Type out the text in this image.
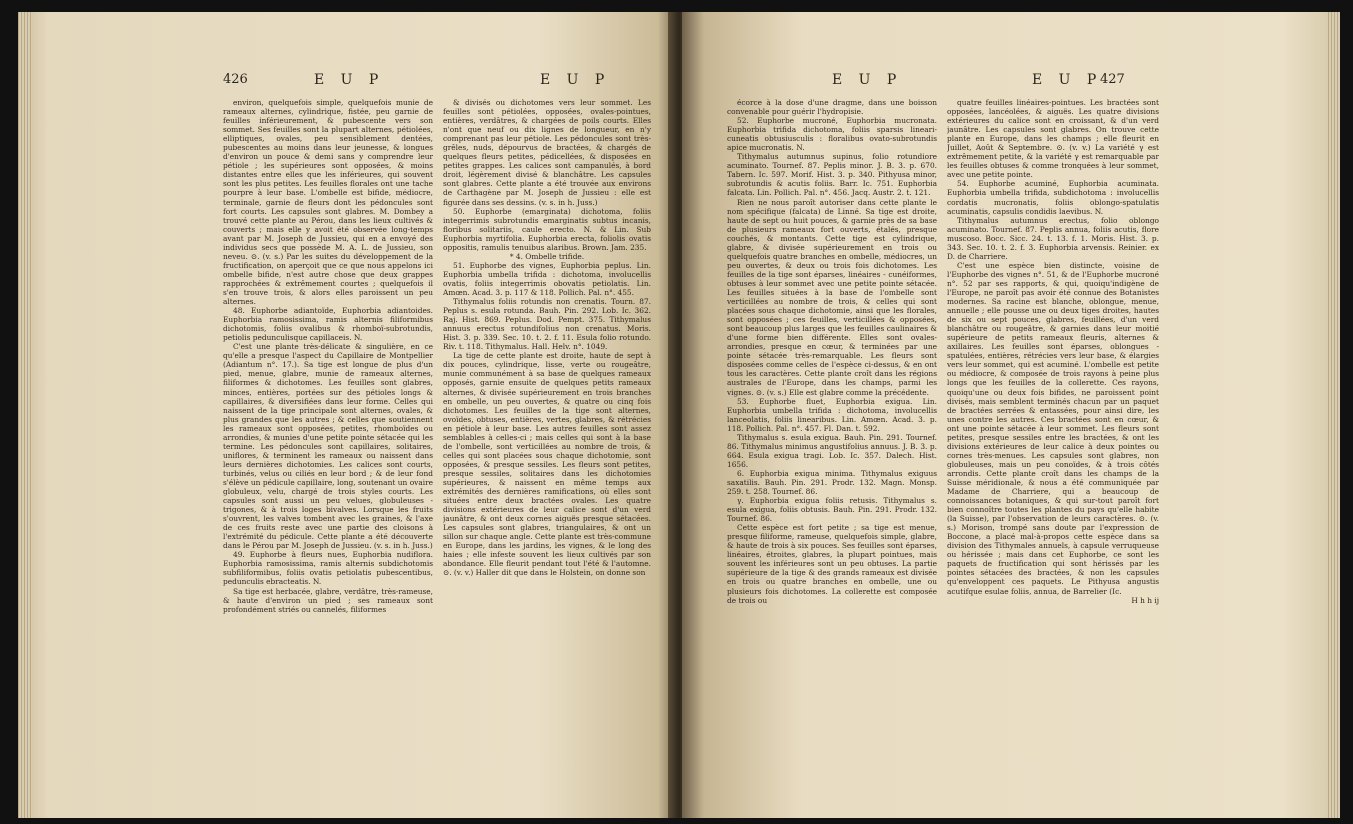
426	E U P	E U P

environ, quelquefois simple, quelquefois munie de rameaux alternes, cylindrique, fistée, peu garnie de feuilles inférieurement, & pubescente vers son sommet. Ses feuilles sont la plupart alternes, pétiolées, elliptiques, ovales, peu sensiblement dentées, pubescentes au moins dans leur jeunesse, & longues d'environ un pouce & demi sans y comprendre leur pétiole ; les supérieures sont opposées, & moins distantes entre elles que les inférieures, qui souvent sont les plus petites. Les feuilles florales ont une tache pourpre à leur base. L'ombelle est bifide, médiocre, terminale, garnie de fleurs dont les pédoncules sont fort courts. Les capsules sont glabres. M. Dombey a trouvé cette plante au Pérou, dans les lieux cultivés & couverts ; mais elle y avoit été observée long-temps avant par M. Joseph de Jussieu, qui en a envoyé des individus secs que possède M. A. L. de Jussieu, son neveu. ⊙. (v. s.) Par les suites du développement de la fructification, on aperçoit que ce que nous appelons ici ombelle bifide, n'est autre chose que deux grappes rapprochées & extrêmement courtes ; quelquefois il s'en trouve trois, & alors elles paroissent un peu alternes.

48. Euphorbe adiantoïde, Euphorbia adiantoides. Euphorbia ramosissima, ramis alternis filiformibus dichotomis, foliis ovalibus & rhomboï-subrotundis, petiolis pedunculisque capillaceis. N.

C'est une plante très-délicate & singulière, en ce qu'elle a presque l'aspect du Capillaire de Montpellier (Adiantum n°. 17.). Sa tige est longue de plus d'un pied, menue, glabre, munie de rameaux alternes, filiformes & dichotomes. Les feuilles sont glabres, minces, entières, portées sur des pétioles longs & capillaires, & diversifiées dans leur forme. Celles qui naissent de la tige principale sont alternes, ovales, & plus grandes que les autres ; & celles que soutiennent les rameaux sont opposées, petites, rhomboïdes ou arrondies, & munies d'une petite pointe sétacée qui les termine. Les pédoncules sont capillaires, solitaires, uniflores, & terminent les rameaux ou naissent dans leurs dernières dichotomies. Les calices sont courts, turbinés, velus ou ciliés en leur bord ; & de leur fond s'élève un pédicule capillaire, long, soutenant un ovaire globuleux, velu, chargé de trois styles courts. Les capsules sont aussi un peu velues, globuleuses - trigones, & à trois loges bivalves. Lorsque les fruits s'ouvrent, les valves tombent avec les graines, & l'axe de ces fruits reste avec une partie des cloisons à l'extrémité du pédicule. Cette plante a été découverte dans le Pérou par M. Joseph de Jussieu. (v. s. in h. Juss.)

49. Euphorbe à fleurs nues, Euphorbia nudiflora. Euphorbia ramosissima, ramis alternis subdichotomis subfiliformibus, foliis ovatis petiolatis pubescentibus, pedunculis ebracteatis. N.

Sa tige est herbacée, glabre, verdâtre, très-rameuse, & haute d'environ un pied ; ses rameaux sont profondément striés ou cannelés, filiformes

& divisés ou dichotomes vers leur sommet. Les feuilles sont pétiolées, opposées, ovales-pointues, entières, verdâtres, & chargées de poils courts. Elles n'ont que neuf ou dix lignes de longueur, en n'y comprenant pas leur pétiole. Les pédoncules sont très-grêles, nuds, dépourvus de bractées, & chargés de quelques fleurs petites, pédicellées, & disposées en petites grappes. Les calices sont campanulés, à bord droit, légèrement divisé & blanchâtre. Les capsules sont glabres. Cette plante a été trouvée aux environs de Carthagène par M. Joseph de Jussieu : elle est figurée dans ses dessins. (v. s. in h. Juss.)

50. Euphorbe (emarginata) dichotoma, foliis integerrimis subrotundis emarginatis subtus incanis, floribus solitariis, caule erecto. N. & Lin. Sub Euphorbia myrtifolia. Euphorbia erecta, foliolis ovatis oppositis, ramulis tenuibus alaribus. Brown. Jam. 235.

* 4. Ombelle trifide.

51. Euphorbe des vignes, Euphorbia peplus. Lin. Euphorbia umbella trifida : dichotoma, involucellis ovatis, foliis integerrimis obovatis petiolatis. Lin. Amœn. Acad. 3. p. 117 & 118. Pollich. Pal. n°. 455.

Tithymalus foliis rotundis non crenatis. Tourn. 87. Peplus s. esula rotunda. Bauh. Pin. 292. Lob. Ic. 362. Raj. Hist. 869. Peplus. Dod. Pempt. 375. Tithymalus annuus erectus rotundifolius non crenatus. Moris. Hist. 3. p. 339. Sec. 10. t. 2. f. 11. Esula folio rotundo. Riv. t. 118. Tithymalus. Hall. Helv. n°. 1049.

La tige de cette plante est droite, haute de sept à dix pouces, cylindrique, lisse, verte ou rougeâtre, munie communément à sa base de quelques rameaux opposés, garnie ensuite de quelques petits rameaux alternes, & divisée supérieurement en trois branches en ombelle, un peu ouvertes, & quatre ou cinq fois dichotomes. Les feuilles de la tige sont alternes, ovoïdes, obtuses, entières, vertes, glabres, & rétrécies en pétiole à leur base. Les autres feuilles sont assez semblables à celles-ci ; mais celles qui sont à la base de l'ombelle, sont verticillées au nombre de trois, & celles qui sont placées sous chaque dichotomie, sont opposées, & presque sessiles. Les fleurs sont petites, presque sessiles, solitaires dans les dichotomies supérieures, & naissent en même temps aux extrémités des dernières ramifications, où elles sont situées entre deux bractées ovales. Les quatre divisions extérieures de leur calice sont d'un verd jaunâtre, & ont deux cornes aiguës presque sétacées. Les capsules sont glabres, triangulaires, & ont un sillon sur chaque angle. Cette plante est très-commune en Europe, dans les jardins, les vignes, & le long des haies ; elle infeste souvent les lieux cultivés par son abondance. Elle fleurit pendant tout l'été & l'automne. ⊙. (v. v.) Haller dit que dans le Holstein, on donne son

E U P	E U P
427

écorce à la dose d'une dragme, dans une boisson convenable pour guérir l'hydropisie.

52. Euphorbe mucroné, Euphorbia mucronata. Euphorbia trifida dichotoma, foliis sparsis lineari-cuneatis obtusiusculis : floralibus ovato-subrotundis apice mucronatis. N.

Tithymalus autumnus supinus, folio rotundiore acuminato. Tournef. 87. Peplis minor. J. B. 3. p. 670. Tabern. Ic. 597. Morif. Hist. 3. p. 340. Pithyusa minor, subrotundis & acutis foliis. Barr. Ic. 751. Euphorbia falcata. Lin. Pollich. Pal. n°. 456. Jacq. Austr. 2. t. 121.

Rien ne nous paroît autoriser dans cette plante le nom spécifique (falcata) de Linné. Sa tige est droite, haute de sept ou huit pouces, & garnie près de sa base de plusieurs rameaux fort ouverts, étalés, presque couchés, & montants. Cette tige est cylindrique, glabre, & divisée supérieurement en trois ou quelquefois quatre branches en ombelle, médiocres, un peu ouvertes, & deux ou trois fois dichotomes. Les feuilles de la tige sont éparses, linéaires - cunéiformes, obtuses à leur sommet avec une petite pointe sétacée. Les feuilles situées à la base de l'ombelle sont verticillées au nombre de trois, & celles qui sont placées sous chaque dichotomie, ainsi que les florales, sont opposées ; ces feuilles, verticillées & opposées, sont beaucoup plus larges que les feuilles caulinaires & d'une forme bien différente. Elles sont ovales-arrondies, presque en cœur, & terminées par une pointe sétacée très-remarquable. Les fleurs sont disposées comme celles de l'espèce ci-dessus, & en ont tous les caractères. Cette plante croît dans les régions australes de l'Europe, dans les champs, parmi les vignes. ⊙. (v. s.) Elle est glabre comme la précédente.

53. Euphorbe fluet, Euphorbia exigua. Lin. Euphorbia umbella trifida : dichotoma, involucellis lanceolatis, foliis linearibus. Lin. Amœn. Acad. 3. p. 118. Pollich. Pal. n°. 457. Fl. Dan. t. 592.

Tithymalus s. esula exigua. Bauh. Pin. 291. Tournef. 86. Tithymalus minimus angustifolius annuus. J. B. 3. p. 664. Esula exigua tragi. Lob. Ic. 357. Dalech. Hist. 1656.

6. Euphorbia exigua minima. Tithymalus exiguus saxatilis. Bauh. Pin. 291. Prodr. 132. Magn. Monsp. 259. t. 258. Tournef. 86.

γ. Euphorbia exigua foliis retusis. Tithymalus s. esula exigua, foliis obtusis. Bauh. Pin. 291. Prodr. 132. Tournef. 86.

Cette espèce est fort petite ; sa tige est menue, presque filiforme, rameuse, quelquefois simple, glabre, & haute de trois à six pouces. Ses feuilles sont éparses, linéaires, étroites, glabres, la plupart pointues, mais souvent les inférieures sont un peu obtuses. La partie supérieure de la tige & des grands rameaux est divisée en trois ou quatre branches en ombelle, une ou plusieurs fois dichotomes. La collerette est composée de trois ou

quatre feuilles linéaires-pointues. Les bractées sont opposées, lancéolées, & aiguës. Les quatre divisions extérieures du calice sont en croissant, & d'un verd jaunâtre. Les capsules sont glabres. On trouve cette plante en Europe, dans les champs ; elle fleurit en Juillet, Août & Septembre. ⊙. (v. v.) La variété γ est extrêmement petite, & la variété γ est remarquable par les feuilles obtuses & comme tronquées à leur sommet, avec une petite pointe.

54. Euphorbe acuminé, Euphorbia acuminata. Euphorbia umbella trifida, subdichotoma : involucellis cordatis mucronatis, foliis oblongo-spatulatis acuminatis, capsulis condidis laevibus. N.

Tithymalus autumnus erectus, folio oblongo acuminato. Tournef. 87. Peplis annua, foliis acutis, flore muscoso. Bocc. Sicc. 24. t. 13. f. 1. Moris. Hist. 3. p. 343. Sec. 10. t. 2. f. 3. Euphorbia arvensis. Reinier. ex D. de Charriere.

C'est une espèce bien distincte, voisine de l'Euphorbe des vignes n°. 51, & de l'Euphorbe mucroné n°. 52 par ses rapports, & qui, quoiqu'indigène de l'Europe, ne paroît pas avoir été connue des Botanistes modernes. Sa racine est blanche, oblongue, menue, annuelle ; elle pousse une ou deux tiges droites, hautes de six ou sept pouces, glabres, feuillées, d'un verd blanchâtre ou rougeâtre, & garnies dans leur moitié supérieure de petits rameaux fleuris, alternes & axillaires. Les feuilles sont éparses, oblongues - spatulées, entières, rétrécies vers leur base, & élargies vers leur sommet, qui est acuminé. L'ombelle est petite ou médiocre, & composée de trois rayons à peine plus longs que les feuilles de la collerette. Ces rayons, quoiqu'une ou deux fois bifides, ne paroissent point divisés, mais semblent terminés chacun par un paquet de bractées serrées & entassées, pour ainsi dire, les unes contre les autres. Ces bractées sont en cœur, & ont une pointe sétacée à leur sommet. Les fleurs sont petites, presque sessiles entre les bractées, & ont les divisions extérieures de leur calice à deux pointes ou cornes très-menues. Les capsules sont glabres, non globuleuses, mais un peu conoïdes, & à trois côtés arrondis. Cette plante croît dans les champs de la Suisse méridionale, & nous a été communiquée par Madame de Charriere, qui a beaucoup de connoissances botaniques, & qui sur-tout paroît fort bien connoître toutes les plantes du pays qu'elle habite (la Suisse), par l'observation de leurs caractères. ⊙. (v. s.) Morison, trompé sans doute par l'expression de Boccone, a placé mal-à-propos cette espèce dans sa division des Tithymales annuels, à capsule verruqueuse ou hérissée ; mais dans cet Euphorbe, ce sont les paquets de fructification qui sont hérissés par les pointes sétacées des bractées, & non les capsules qu'enveloppent ces paquets. Le Pithyusa angustis acutifque esulae foliis, annua, de Barrelier (Ic.

H h h ij
